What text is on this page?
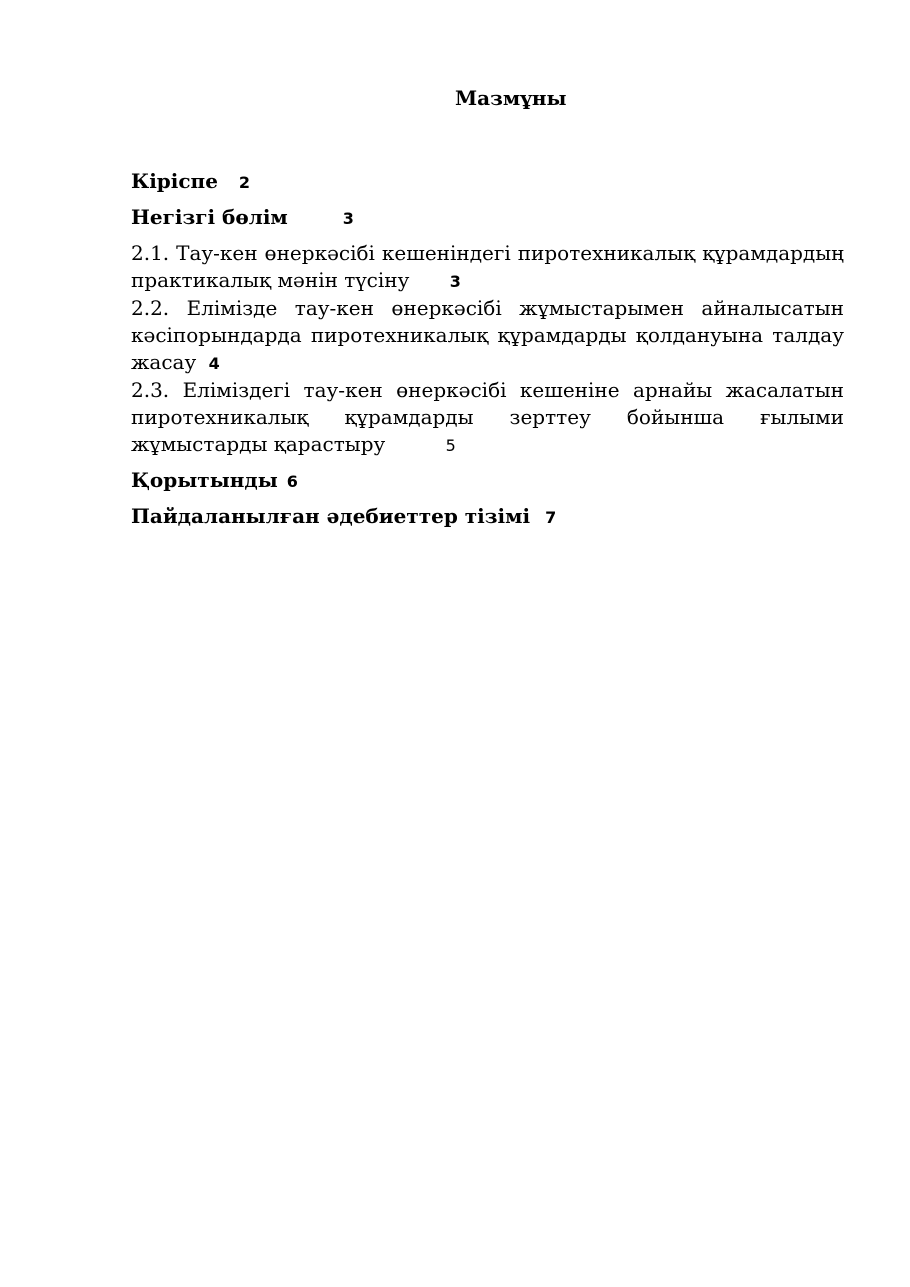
Мазмұны
Кіріспе 2
Негізгі бөлім	3
2.1. Тау-кен өнеркәсібі кешеніндегі пиротехникалық құрамдардың практикалық мәнін түсіну	3
2.2. Елімізде тау-кен өнеркәсібі жұмыстарымен айналысатын кәсіпорындарда пиротехникалық құрамдарды қолдануына талдау жасау 4
2.3. Еліміздегі тау-кен өнеркәсібі кешеніне арнайы жасалатын пиротехникалық құрамдарды зерттеу бойынша ғылыми жұмыстарды қарастыру	5
Қорытынды 6
Пайдаланылған әдебиеттер тізімі 7
